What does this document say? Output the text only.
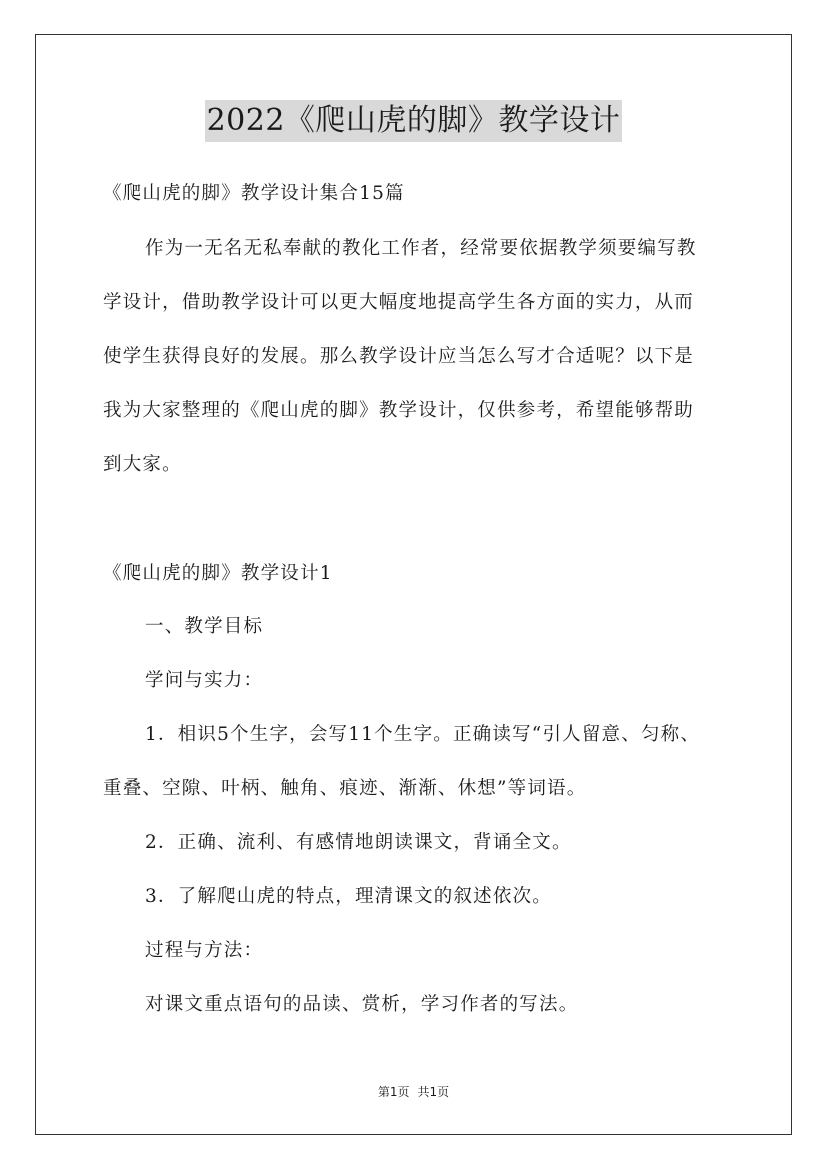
2022《爬山虎的脚》教学设计
《爬山虎的脚》教学设计集合15篇
作为一无名无私奉献的教化工作者，经常要依据教学须要编写教
学设计，借助教学设计可以更大幅度地提高学生各方面的实力，从而
使学生获得良好的发展。那么教学设计应当怎么写才合适呢？以下是
我为大家整理的《爬山虎的脚》教学设计，仅供参考，希望能够帮助
到大家。
《爬山虎的脚》教学设计1
一、教学目标
学问与实力：
1．相识5个生字，会写11个生字。正确读写“引人留意、匀称、
重叠、空隙、叶柄、触角、痕迹、渐渐、休想”等词语。
2．正确、流利、有感情地朗读课文，背诵全文。
3．了解爬山虎的特点，理清课文的叙述依次。
过程与方法：
对课文重点语句的品读、赏析，学习作者的写法。
第1页 共1页
